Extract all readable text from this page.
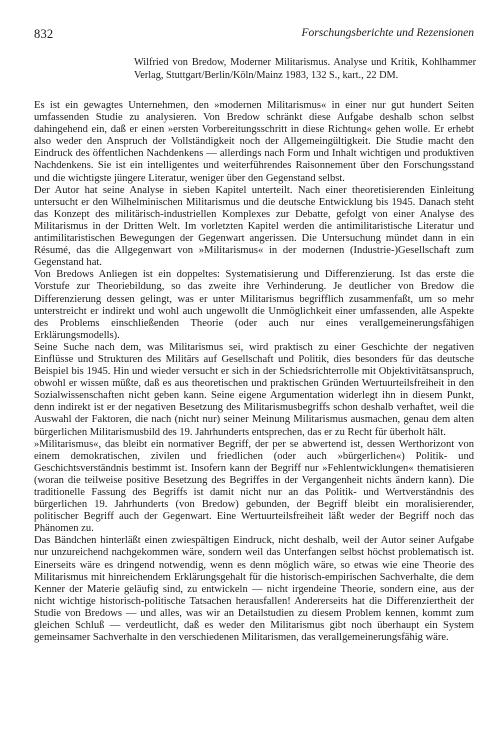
832	Forschungsberichte und Rezensionen
Wilfried von Bredow, Moderner Militarismus. Analyse und Kritik, Kohlhammer Verlag, Stuttgart/Berlin/Köln/Mainz 1983, 132 S., kart., 22 DM.

Es ist ein gewagtes Unternehmen, den »modernen Militarismus« in einer nur gut hundert Seiten umfassenden Studie zu analysieren. Von Bredow schränkt diese Aufgabe deshalb schon selbst dahingehend ein, daß er einen »ersten Vorbereitungsschritt in diese Richtung« gehen wolle. Er erhebt also weder den Anspruch der Vollständigkeit noch der Allgemeingültigkeit. Die Studie macht den Eindruck des öffentlichen Nachdenkens — allerdings nach Form und Inhalt wichtigen und produktiven Nachdenkens. Sie ist ein intelligentes und weiterführendes Raisonnement über den Forschungsstand und die wichtigste jüngere Literatur, weniger über den Gegenstand selbst.

Der Autor hat seine Analyse in sieben Kapitel unterteilt. Nach einer theoretisierenden Einleitung untersucht er den Wilhelminischen Militarismus und die deutsche Entwicklung bis 1945. Danach steht das Konzept des militärisch-industriellen Komplexes zur Debatte, gefolgt von einer Analyse des Militarismus in der Dritten Welt. Im vorletzten Kapitel werden die antimilitaristische Literatur und antimilitaristischen Bewegungen der Gegenwart angerissen. Die Untersuchung mündet dann in ein Résumé, das die Allgegenwart von »Militarismus« in der modernen (Industrie-)Gesellschaft zum Gegenstand hat.

Von Bredows Anliegen ist ein doppeltes: Systematisierung und Differenzierung. Ist das erste die Vorstufe zur Theoriebildung, so das zweite ihre Verhinderung. Je deutlicher von Bredow die Differenzierung dessen gelingt, was er unter Militarismus begrifflich zusammenfaßt, um so mehr unterstreicht er indirekt und wohl auch ungewollt die Unmöglichkeit einer umfassenden, alle Aspekte des Problems einschließenden Theorie (oder auch nur eines verallgemeinerungsfähigen Erklärungsmodells).

Seine Suche nach dem, was Militarismus sei, wird praktisch zu einer Geschichte der negativen Einflüsse und Strukturen des Militärs auf Gesellschaft und Politik, dies besonders für das deutsche Beispiel bis 1945. Hin und wieder versucht er sich in der Schiedsrichterrolle mit Objektivitätsanspruch, obwohl er wissen müßte, daß es aus theoretischen und praktischen Gründen Wertuurteilsfreiheit in den Sozialwissenschaften nicht geben kann. Seine eigene Argumentation widerlegt ihn in diesem Punkt, denn indirekt ist er der negativen Besetzung des Militarismusbegriffs schon deshalb verhaftet, weil die Auswahl der Faktoren, die nach (nicht nur) seiner Meinung Militarismus ausmachen, genau dem alten bürgerlichen Militarismusbild des 19. Jahrhunderts entsprechen, das er zu Recht für überholt hält.

»Militarismus«, das bleibt ein normativer Begriff, der per se abwertend ist, dessen Werthorizont von einem demokratischen, zivilen und friedlichen (oder auch »bürgerlichen«) Politik- und Geschichtsverständnis bestimmt ist. Insofern kann der Begriff nur »Fehlentwicklungen« thematisieren (woran die teilweise positive Besetzung des Begriffes in der Vergangenheit nichts ändern kann). Die traditionelle Fassung des Begriffs ist damit nicht nur an das Politik- und Wertverständnis des bürgerlichen 19. Jahrhunderts (von Bredow) gebunden, der Begriff bleibt ein moralisierender, politischer Begriff auch der Gegenwart. Eine Wertuurteilsfreiheit läßt weder der Begriff noch das Phänomen zu.

Das Bändchen hinterläßt einen zwiespältigen Eindruck, nicht deshalb, weil der Autor seiner Aufgabe nur unzureichend nachgekommen wäre, sondern weil das Unterfangen selbst höchst problematisch ist. Einerseits wäre es dringend notwendig, wenn es denn möglich wäre, so etwas wie eine Theorie des Militarismus mit hinreichendem Erklärungsgehalt für die historisch-empirischen Sachverhalte, die dem Kenner der Materie geläufig sind, zu entwickeln — nicht irgendeine Theorie, sondern eine, aus der nicht wichtige historisch-politische Tatsachen herausfallen! Andererseits hat die Differenziertheit der Studie von Bredows — und alles, was wir an Detailstudien zu diesem Problem kennen, kommt zum gleichen Schluß — verdeutlicht, daß es weder den Militarismus gibt noch überhaupt ein System gemeinsamer Sachverhalte in den verschiedenen Militarismen, das verallgemeinerungsfähig wäre.
